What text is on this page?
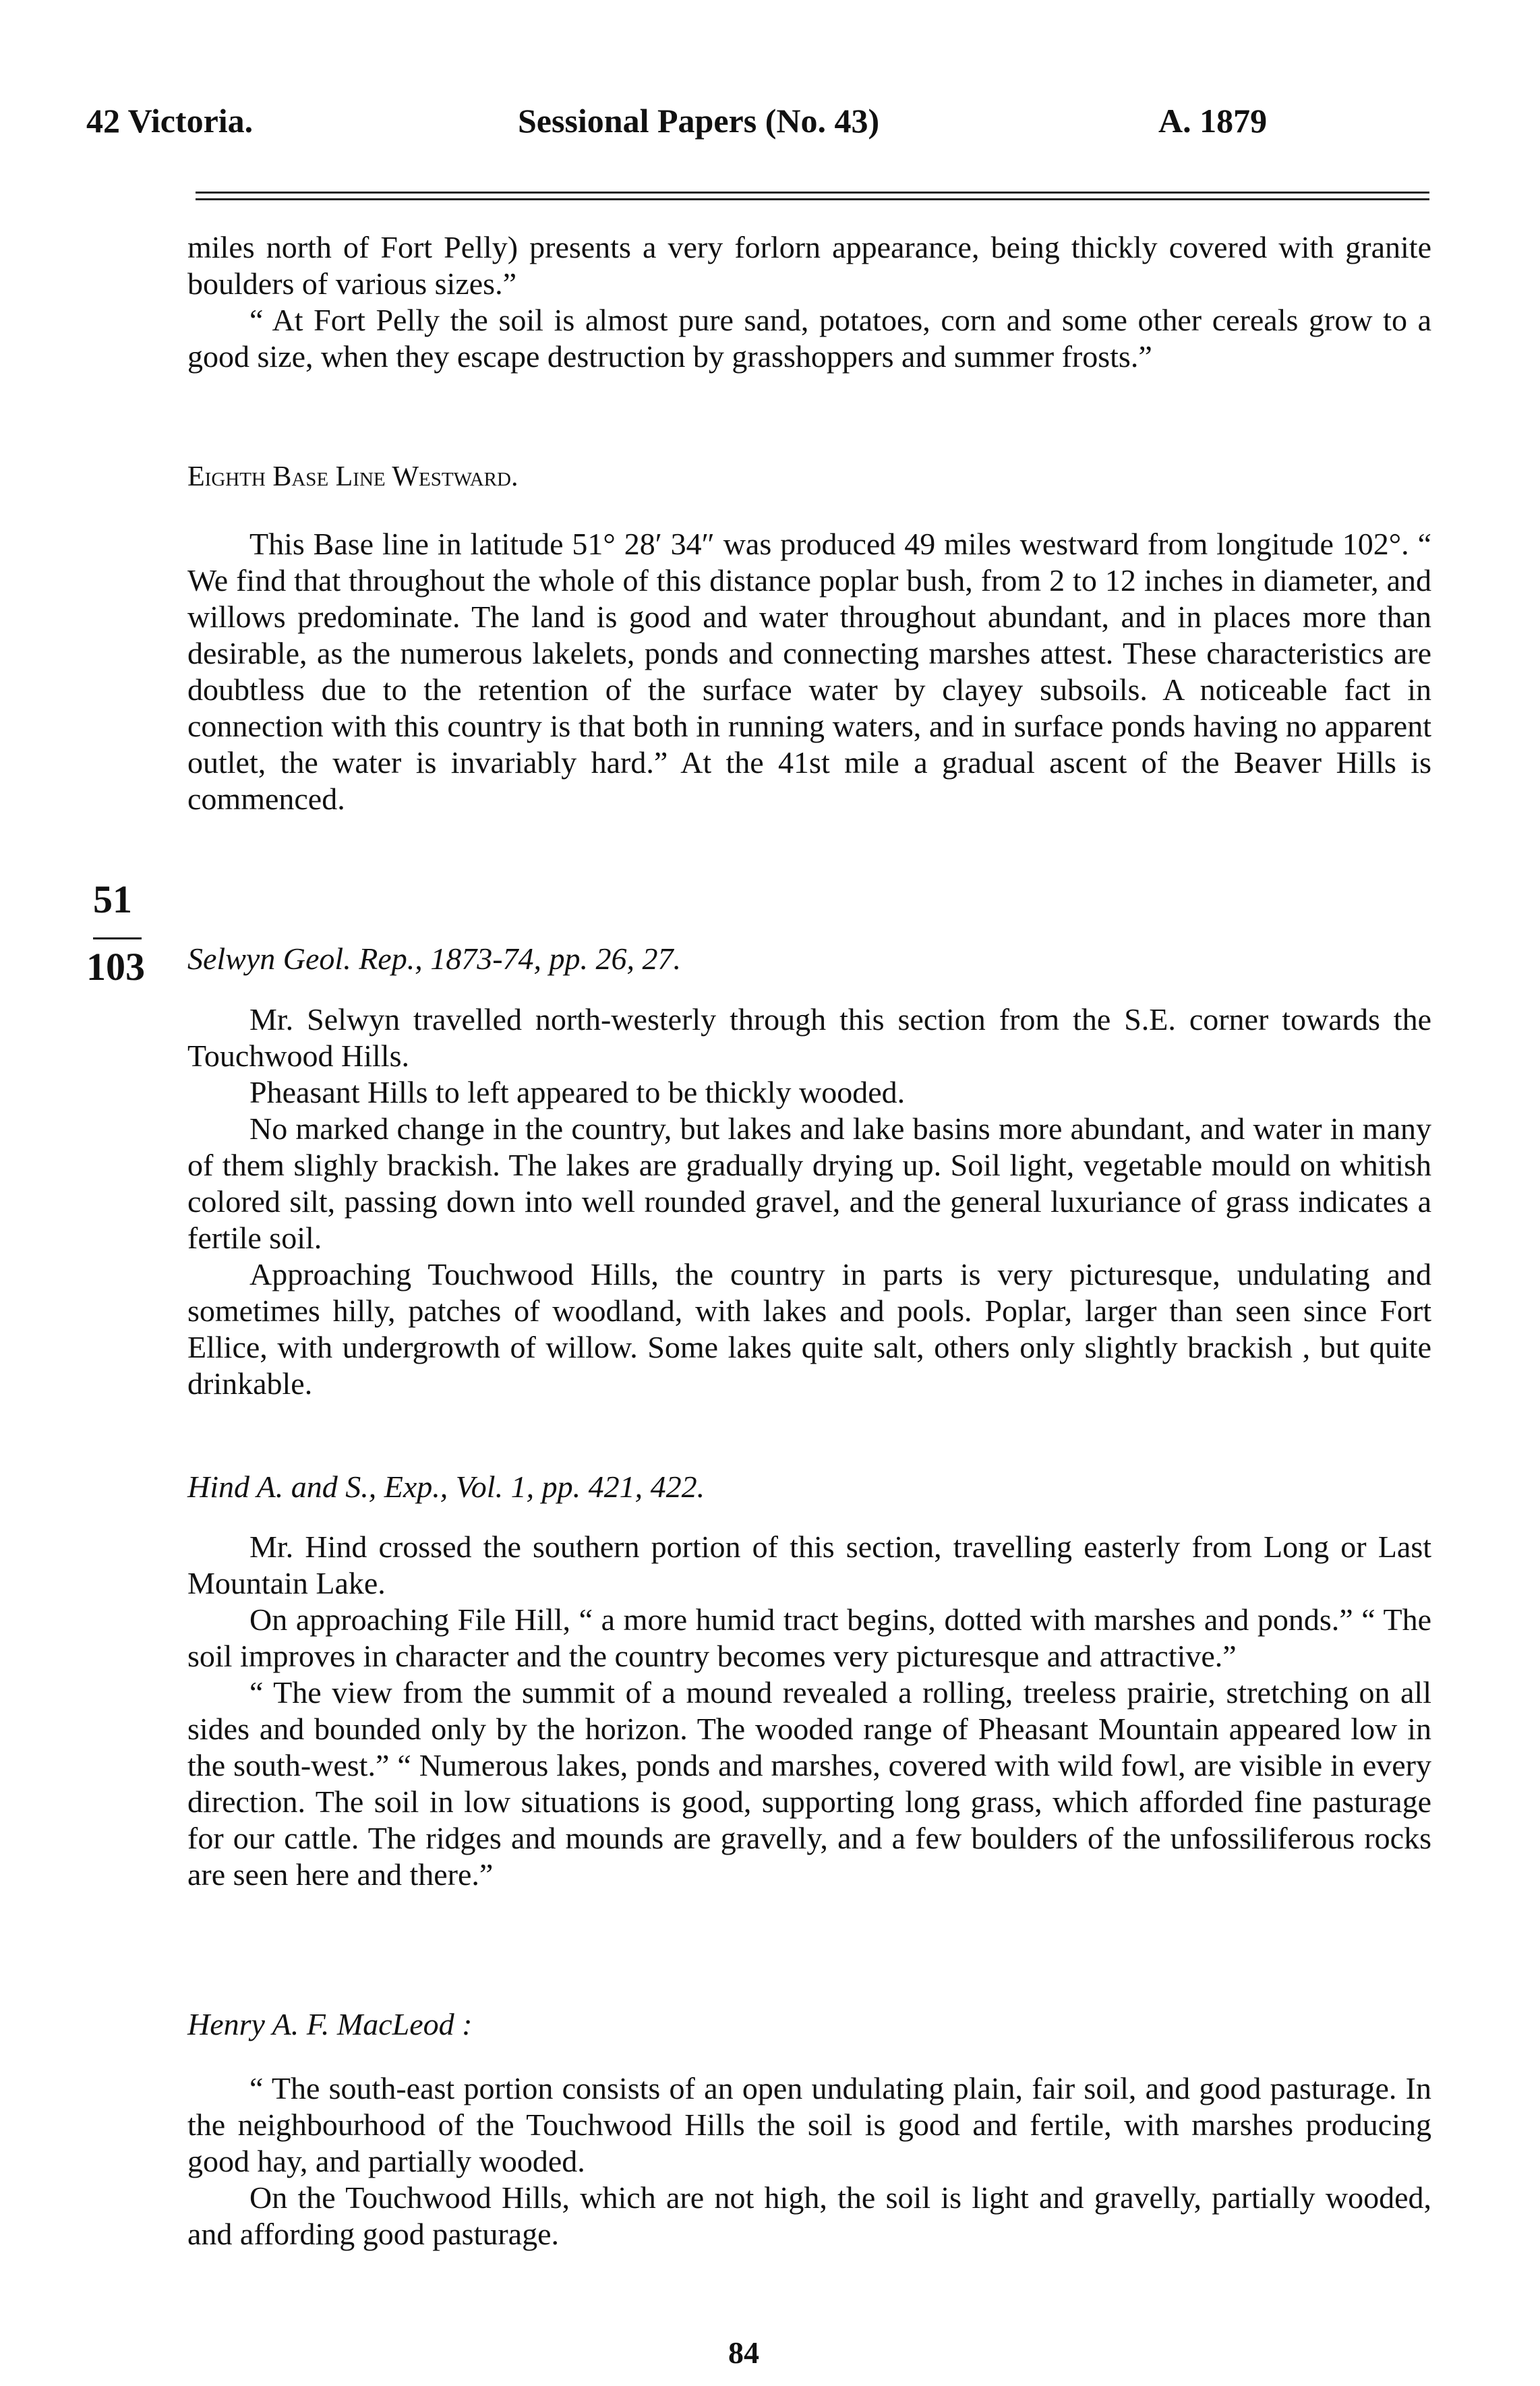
42 Victoria.	Sessional Papers (No. 43)	A. 1879
51
103

miles north of Fort Pelly) presents a very forlorn appearance, being thickly covered with granite boulders of various sizes.”

“ At Fort Pelly the soil is almost pure sand, potatoes, corn and some other cereals grow to a good size, when they escape destruction by grasshoppers and summer frosts.”

Eighth Base Line Westward.

This Base line in latitude 51° 28′ 34″ was produced 49 miles westward from longitude 102°. “ We find that throughout the whole of this distance poplar bush, from 2 to 12 inches in diameter, and willows predominate. The land is good and water throughout abundant, and in places more than desirable, as the numerous lakelets, ponds and connecting marshes attest. These characteristics are doubtless due to the retention of the surface water by clayey subsoils. A noticeable fact in connection with this country is that both in running waters, and in surface ponds having no apparent outlet, the water is invariably hard.” At the 41st mile a gradual ascent of the Beaver Hills is commenced.

Selwyn Geol. Rep., 1873-74, pp. 26, 27.

Mr. Selwyn travelled north-westerly through this section from the S.E. corner towards the Touchwood Hills.

Pheasant Hills to left appeared to be thickly wooded.

No marked change in the country, but lakes and lake basins more abundant, and water in many of them slighly brackish. The lakes are gradually drying up. Soil light, vegetable mould on whitish colored silt, passing down into well rounded gravel, and the general luxuriance of grass indicates a fertile soil.

Approaching Touchwood Hills, the country in parts is very picturesque, undulating and sometimes hilly, patches of woodland, with lakes and pools. Poplar, larger than seen since Fort Ellice, with undergrowth of willow. Some lakes quite salt, others only slightly brackish , but quite drinkable.

Hind A. and S., Exp., Vol. 1, pp. 421, 422.

Mr. Hind crossed the southern portion of this section, travelling easterly from Long or Last Mountain Lake.

On approaching File Hill, “ a more humid tract begins, dotted with marshes and ponds.” “ The soil improves in character and the country becomes very picturesque and attractive.”

“ The view from the summit of a mound revealed a rolling, treeless prairie, stretching on all sides and bounded only by the horizon. The wooded range of Pheasant Mountain appeared low in the south-west.” “ Numerous lakes, ponds and marshes, covered with wild fowl, are visible in every direction. The soil in low situations is good, supporting long grass, which afforded fine pasturage for our cattle. The ridges and mounds are gravelly, and a few boulders of the unfossiliferous rocks are seen here and there.”

Henry A. F. MacLeod :

“ The south-east portion consists of an open undulating plain, fair soil, and good pasturage. In the neighbourhood of the Touchwood Hills the soil is good and fertile, with marshes producing good hay, and partially wooded.

On the Touchwood Hills, which are not high, the soil is light and gravelly, partially wooded, and affording good pasturage.

84
